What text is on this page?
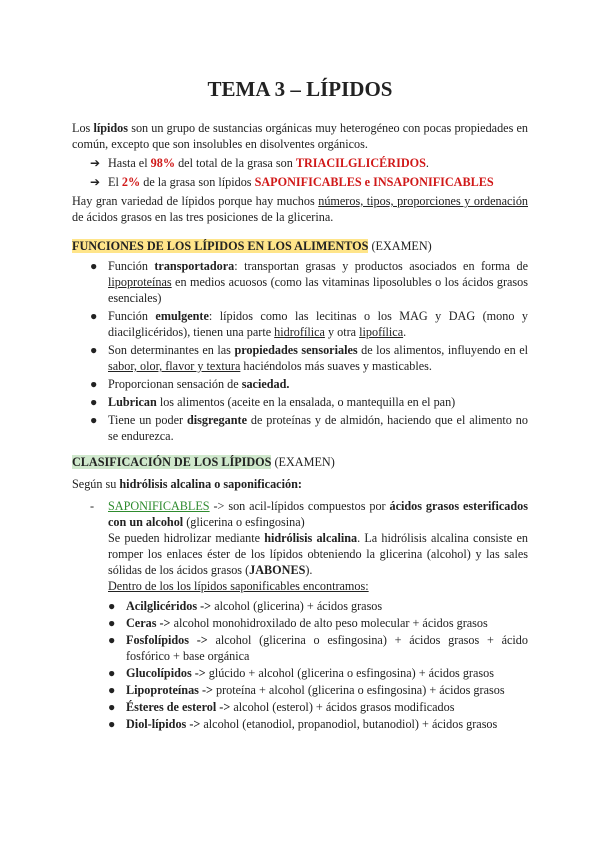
TEMA 3 – LÍPIDOS

Los lípidos son un grupo de sustancias orgánicas muy heterogéneo con pocas propiedades en común, excepto que son insolubles en disolventes orgánicos.

➔ Hasta el 98% del total de la grasa son TRIACILGLICÉRIDOS.
➔ El 2% de la grasa son lípidos SAPONIFICABLES e INSAPONIFICABLES

Hay gran variedad de lípidos porque hay muchos números, tipos, proporciones y ordenación de ácidos grasos en las tres posiciones de la glicerina.

FUNCIONES DE LOS LÍPIDOS EN LOS ALIMENTOS (EXAMEN)
● Función transportadora: transportan grasas y productos asociados en forma de lipoproteínas en medios acuosos (como las vitaminas liposolubles o los ácidos grasos esenciales)
● Función emulgente: lípidos como las lecitinas o los MAG y DAG (mono y diacilglicéridos), tienen una parte hidrofílica y otra lipofílica.
● Son determinantes en las propiedades sensoriales de los alimentos, influyendo en el sabor, olor, flavor y textura haciéndolos más suaves y masticables.
● Proporcionan sensación de saciedad.
● Lubrican los alimentos (aceite en la ensalada, o mantequilla en el pan)
● Tiene un poder disgregante de proteínas y de almidón, haciendo que el alimento no se endurezca.
CLASIFICACIÓN DE LOS LÍPIDOS (EXAMEN)

Según su hidrólisis alcalina o saponificación:

- SAPONIFICABLES -> son acil-lípidos compuestos por ácidos grasos esterificados con un alcohol (glicerina o esfingosina)
Se pueden hidrolizar mediante hidrólisis alcalina. La hidrólisis alcalina consiste en romper los enlaces éster de los lípidos obteniendo la glicerina (alcohol) y las sales sólidas de los ácidos grasos (JABONES).
Dentro de los los lípidos saponificables encontramos:
● Acilglicéridos -> alcohol (glicerina) + ácidos grasos
● Ceras -> alcohol monohidroxilado de alto peso molecular + ácidos grasos
● Fosfolípidos -> alcohol (glicerina o esfingosina) + ácidos grasos + ácido fosfórico + base orgánica
● Glucolípidos -> glúcido + alcohol (glicerina o esfingosina) + ácidos grasos
● Lipoproteínas -> proteína + alcohol (glicerina o esfingosina) + ácidos grasos
● Ésteres de esterol -> alcohol (esterol) + ácidos grasos modificados
● Diol-lípidos -> alcohol (etanodiol, propanodiol, butanodiol) + ácidos grasos
